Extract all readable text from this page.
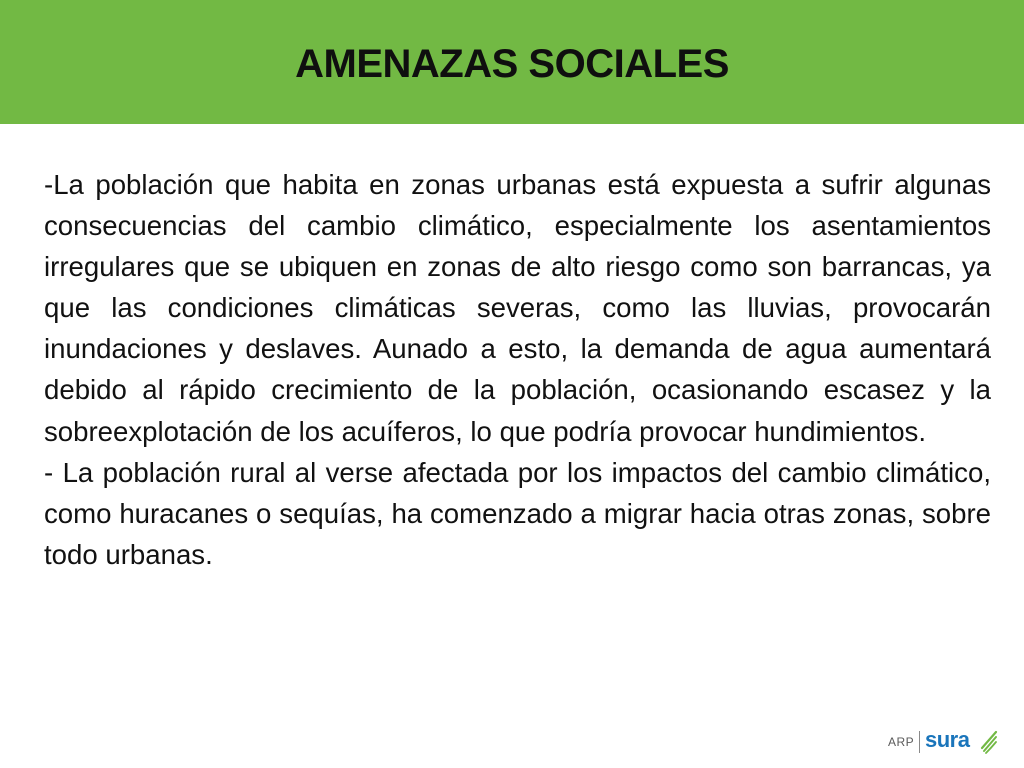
AMENAZAS SOCIALES

-La población que habita en zonas urbanas está expuesta a sufrir algunas consecuencias del cambio climático, especialmente los asentamientos irregulares que se ubiquen en zonas de alto riesgo como son barrancas, ya que las condiciones climáticas severas, como las lluvias, provocarán inundaciones y deslaves. Aunado a esto, la demanda de agua aumentará debido al rápido crecimiento de la población, ocasionando escasez y la sobreexplotación de los acuíferos, lo que podría provocar hundimientos.

- La población rural al verse afectada por los impactos del cambio climático, como huracanes o sequías, ha comenzado a migrar hacia otras zonas, sobre todo urbanas.

ARP sura
